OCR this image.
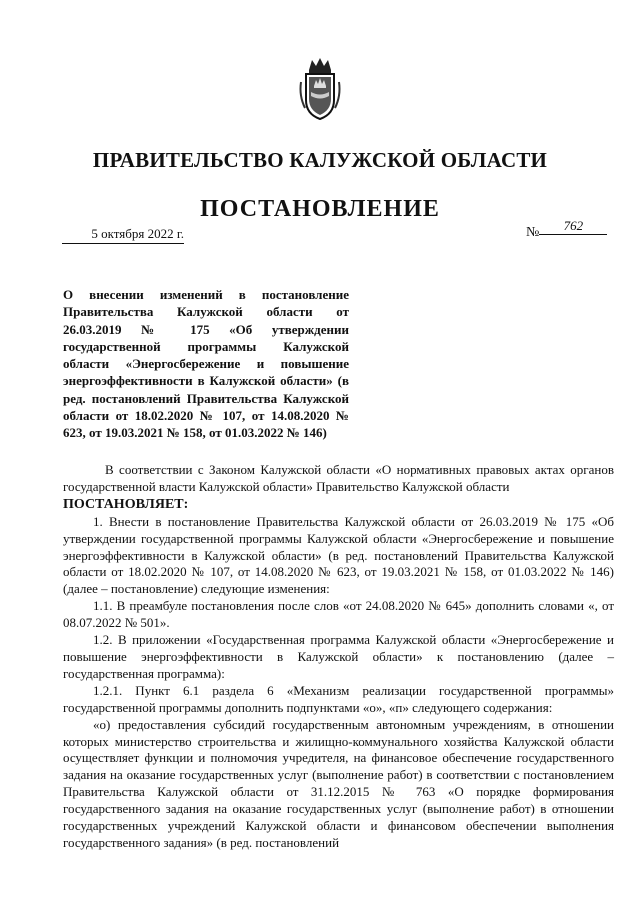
ПРАВИТЕЛЬСТВО КАЛУЖСКОЙ ОБЛАСТИ
ПОСТАНОВЛЕНИЕ
5 октября 2022 г.	№ 762
О внесении изменений в постановление Правительства Калужской области от 26.03.2019 № 175 «Об утверждении государственной программы Калужской области «Энергосбережение и повышение энергоэффективности в Калужской области» (в ред. постановлений Правительства Калужской области от 18.02.2020 № 107, от 14.08.2020 № 623, от 19.03.2021 № 158, от 01.03.2022 № 146)

В соответствии с Законом Калужской области «О нормативных правовых актах органов государственной власти Калужской области» Правительство Калужской области

ПОСТАНОВЛЯЕТ:

1. Внести в постановление Правительства Калужской области от 26.03.2019 № 175 «Об утверждении государственной программы Калужской области «Энергосбережение и повышение энергоэффективности в Калужской области» (в ред. постановлений Правительства Калужской области от 18.02.2020 № 107, от 14.08.2020 № 623, от 19.03.2021 № 158, от 01.03.2022 № 146) (далее – постановление) следующие изменения:

1.1. В преамбуле постановления после слов «от 24.08.2020 № 645» дополнить словами «, от 08.07.2022 № 501».

1.2. В приложении «Государственная программа Калужской области «Энергосбережение и повышение энергоэффективности в Калужской области» к постановлению (далее – государственная программа):

1.2.1. Пункт 6.1 раздела 6 «Механизм реализации государственной программы» государственной программы дополнить подпунктами «о», «п» следующего содержания:

«о) предоставления субсидий государственным автономным учреждениям, в отношении которых министерство строительства и жилищно-коммунального хозяйства Калужской области осуществляет функции и полномочия учредителя, на финансовое обеспечение государственного задания на оказание государственных услуг (выполнение работ) в соответствии с постановлением Правительства Калужской области от 31.12.2015 № 763 «О порядке формирования государственного задания на оказание государственных услуг (выполнение работ) в отношении государственных учреждений Калужской области и финансовом обеспечении выполнения государственного задания» (в ред. постановлений
